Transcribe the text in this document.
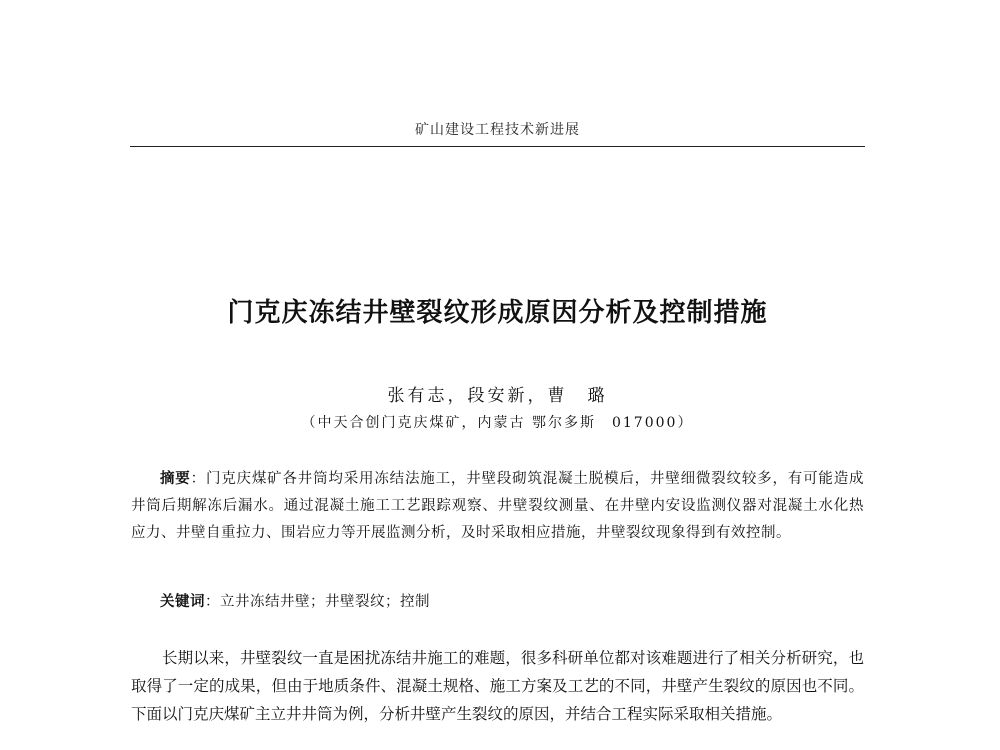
矿山建设工程技术新进展
门克庆冻结井壁裂纹形成原因分析及控制措施
张有志，段安新，曹　璐
（中天合创门克庆煤矿，内蒙古 鄂尔多斯　017000）

摘要：门克庆煤矿各井筒均采用冻结法施工，井壁段砌筑混凝土脱模后，井壁细微裂纹较多，有可能造成井筒后期解冻后漏水。通过混凝土施工工艺跟踪观察、井壁裂纹测量、在井壁内安设监测仪器对混凝土水化热应力、井壁自重拉力、围岩应力等开展监测分析，及时采取相应措施，井壁裂纹现象得到有效控制。

关键词：立井冻结井壁；井壁裂纹；控制

长期以来，井壁裂纹一直是困扰冻结井施工的难题，很多科研单位都对该难题进行了相关分析研究，也取得了一定的成果，但由于地质条件、混凝土规格、施工方案及工艺的不同，井壁产生裂纹的原因也不同。下面以门克庆煤矿主立井井筒为例，分析井壁产生裂纹的原因，并结合工程实际采取相关措施。
